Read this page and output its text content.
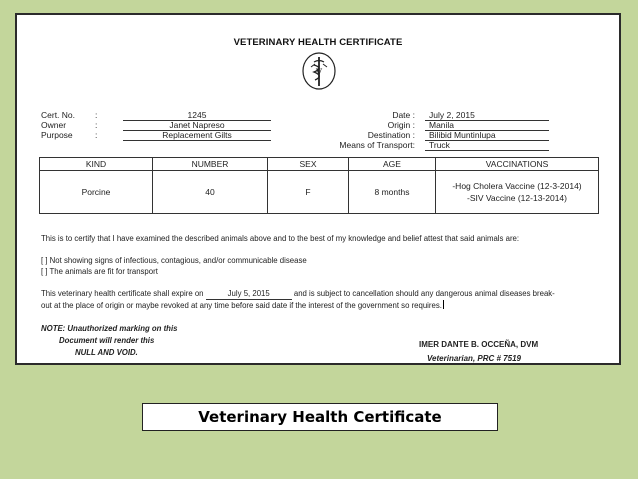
VETERINARY HEALTH CERTIFICATE
V
Cert. No. :	1245
Owner	:	Janet Napreso
Purpose	:	Replacement Gilts
Date :	July 2, 2015
Origin :	Manila
Destination :	Bilibid Muntinlupa
Means of Transport:	Truck
KIND	NUMBER	SEX	AGE	VACCINATIONS
Porcine	40	F	8 months	-Hog Cholera Vaccine (12-3-2014)
-SIV Vaccine (12-13-2014)
This is to certify that I have examined the described animals above and to the best of my knowledge and belief attest that said animals are:
[ ] Not showing signs of infectious, contagious, and/or communicable disease
[ ] The animals are fit for transport
This veterinary health certificate shall expire on	July 5, 2015	and is subject to cancellation should any dangerous animal diseases break-
out at the place of origin or maybe revoked at any time before said date if the interest of the government so requires.
NOTE: Unauthorized marking on this
Document will render this
NULL AND VOID.
IMER DANTE B. OCCEÑA, DVM
Veterinarian, PRC # 7519
Veterinary Health Certificate
